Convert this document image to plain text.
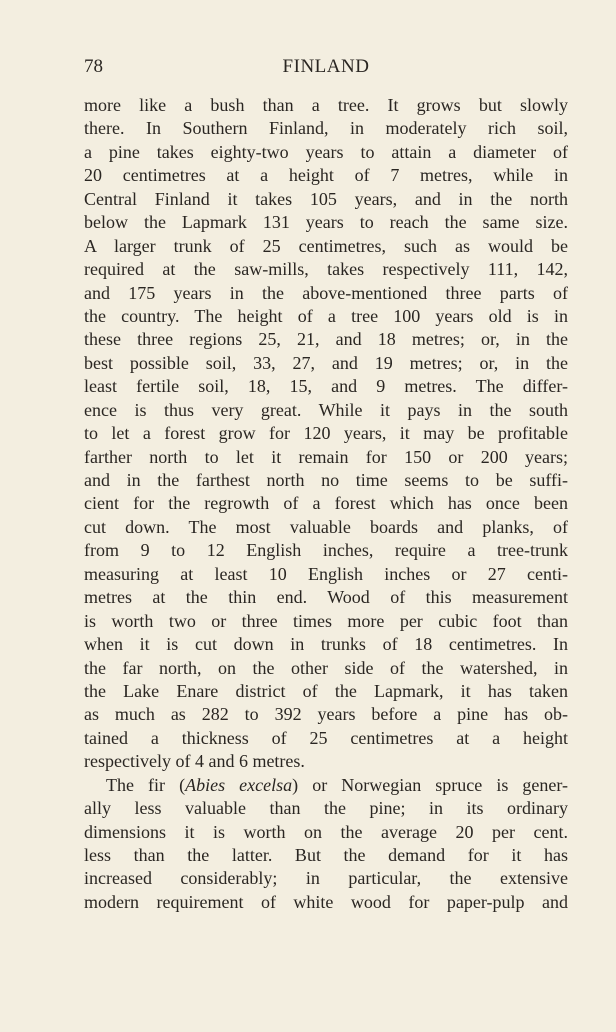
78	FINLAND
more like a bush than a tree. It grows but slowly
there. In Southern Finland, in moderately rich soil,
a pine takes eighty-two years to attain a diameter of
20 centimetres at a height of 7 metres, while in
Central Finland it takes 105 years, and in the north
below the Lapmark 131 years to reach the same size.
A larger trunk of 25 centimetres, such as would be
required at the saw-mills, takes respectively 111, 142,
and 175 years in the above-mentioned three parts of
the country. The height of a tree 100 years old is in
these three regions 25, 21, and 18 metres; or, in the
best possible soil, 33, 27, and 19 metres; or, in the
least fertile soil, 18, 15, and 9 metres. The differ-
ence is thus very great. While it pays in the south
to let a forest grow for 120 years, it may be profitable
farther north to let it remain for 150 or 200 years;
and in the farthest north no time seems to be suffi-
cient for the regrowth of a forest which has once been
cut down. The most valuable boards and planks, of
from 9 to 12 English inches, require a tree-trunk
measuring at least 10 English inches or 27 centi-
metres at the thin end. Wood of this measurement
is worth two or three times more per cubic foot than
when it is cut down in trunks of 18 centimetres. In
the far north, on the other side of the watershed, in
the Lake Enare district of the Lapmark, it has taken
as much as 282 to 392 years before a pine has ob-
tained a thickness of 25 centimetres at a height
respectively of 4 and 6 metres.
The fir (Abies excelsa) or Norwegian spruce is gener-
ally less valuable than the pine; in its ordinary
dimensions it is worth on the average 20 per cent.
less than the latter. But the demand for it has
increased considerably; in particular, the extensive
modern requirement of white wood for paper-pulp and
